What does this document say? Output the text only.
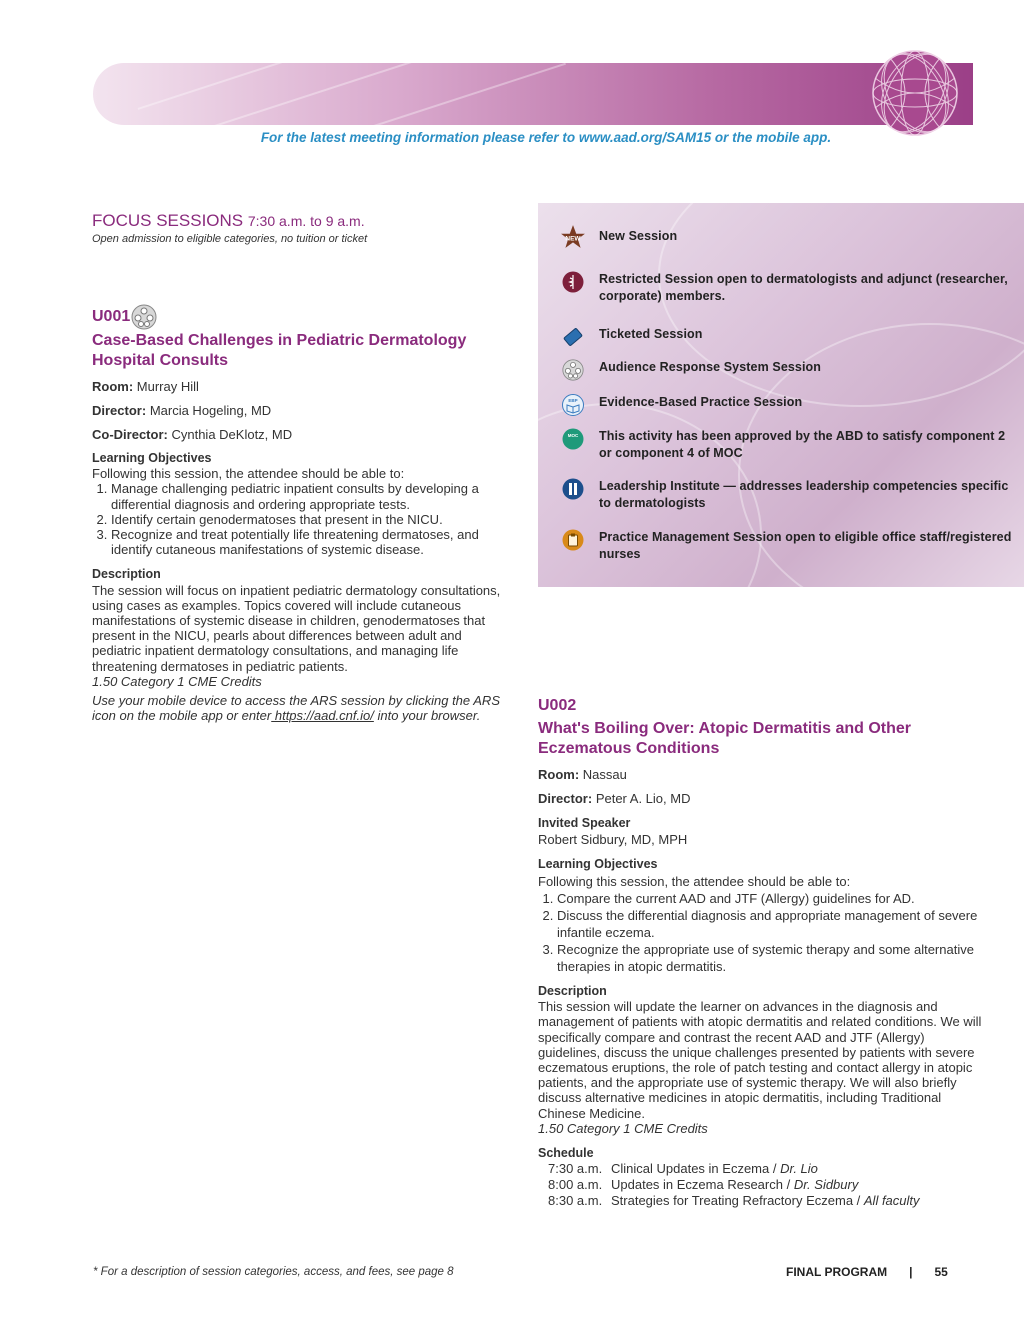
SCIENTIFIC SESSIONS Friday | AUGUST 21
For the latest meeting information please refer to www.aad.org/SAM15 or the mobile app.
FOCUS SESSIONS 7:30 a.m. to 9 a.m.
Open admission to eligible categories, no tuition or ticket
U001
Case-Based Challenges in Pediatric Dermatology Hospital Consults
Room: Murray Hill
Director: Marcia Hogeling, MD
Co-Director: Cynthia DeKlotz, MD
Learning Objectives
Following this session, the attendee should be able to:
1. Manage challenging pediatric inpatient consults by developing a differential diagnosis and ordering appropriate tests.
2. Identify certain genodermatoses that present in the NICU.
3. Recognize and treat potentially life threatening dermatoses, and identify cutaneous manifestations of systemic disease.
Description
The session will focus on inpatient pediatric dermatology consultations, using cases as examples. Topics covered will include cutaneous manifestations of systemic disease in children, genodermatoses that present in the NICU, pearls about differences between adult and pediatric inpatient dermatology consultations, and managing life threatening dermatoses in pediatric patients.
1.50 Category 1 CME Credits
Use your mobile device to access the ARS session by clicking the ARS icon on the mobile app or enter https://aad.cnf.io/ into your browser.
NEW New Session
Restricted Session open to dermatologists and adjunct (researcher, corporate) members.
Ticketed Session
Audience Response System Session
EBP Evidence-Based Practice Session
MOC This activity has been approved by the ABD to satisfy component 2 or component 4 of MOC
Leadership Institute — addresses leadership competencies specific to dermatologists
Practice Management Session open to eligible office staff/registered nurses
U002
What's Boiling Over: Atopic Dermatitis and Other Eczematous Conditions
Room: Nassau
Director: Peter A. Lio, MD
Invited Speaker
Robert Sidbury, MD, MPH
Learning Objectives
Following this session, the attendee should be able to:
1. Compare the current AAD and JTF (Allergy) guidelines for AD.
2. Discuss the differential diagnosis and appropriate management of severe infantile eczema.
3. Recognize the appropriate use of systemic therapy and some alternative therapies in atopic dermatitis.
Description
This session will update the learner on advances in the diagnosis and management of patients with atopic dermatitis and related conditions. We will specifically compare and contrast the recent AAD and JTF (Allergy) guidelines, discuss the unique challenges presented by patients with severe eczematous eruptions, the role of patch testing and contact allergy in atopic patients, and the appropriate use of systemic therapy. We will also briefly discuss alternative medicines in atopic dermatitis, including Traditional Chinese Medicine.
1.50 Category 1 CME Credits
Schedule
7:30 a.m. Clinical Updates in Eczema / Dr. Lio
8:00 a.m. Updates in Eczema Research / Dr. Sidbury
8:30 a.m. Strategies for Treating Refractory Eczema / All faculty
* For a description of session categories, access, and fees, see page 8	FINAL PROGRAM | 55
